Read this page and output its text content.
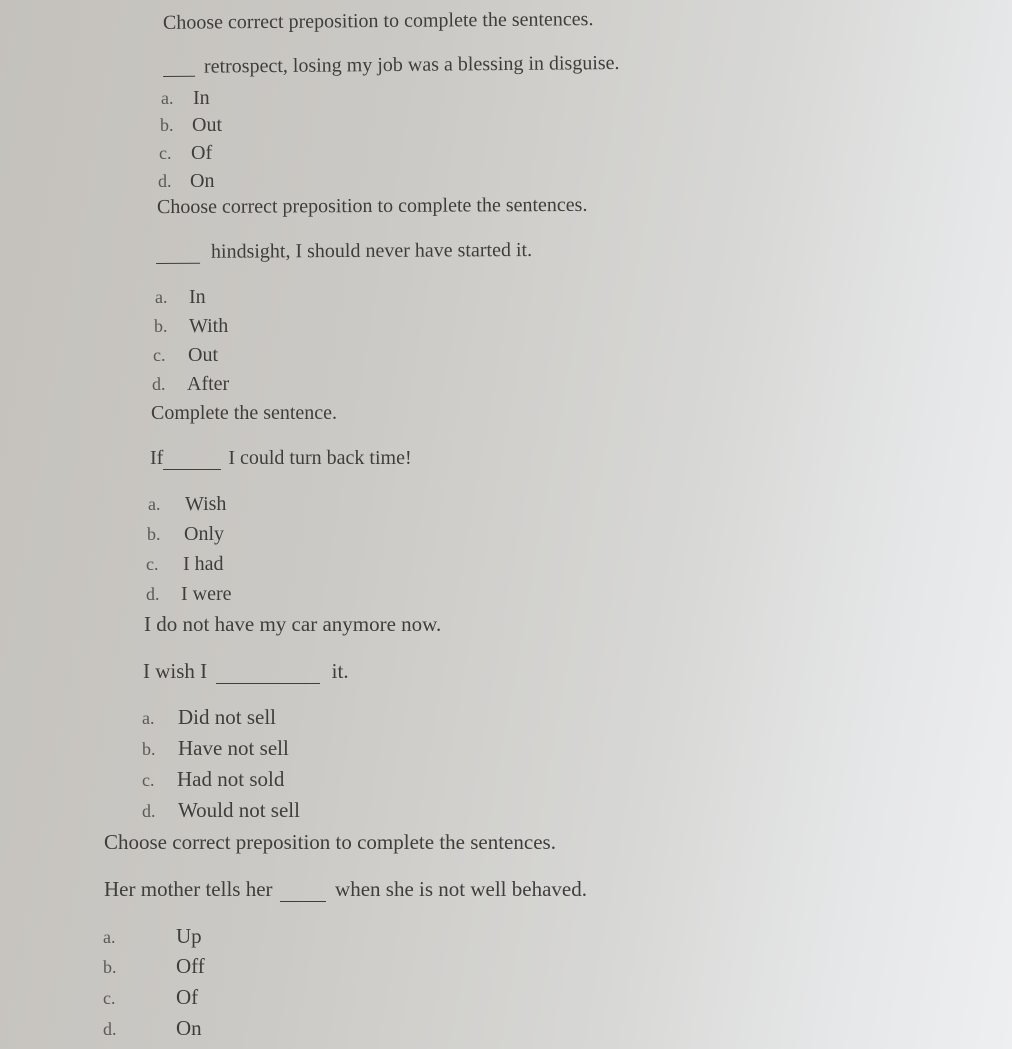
Choose correct preposition to complete the sentences.
retrospect, losing my job was a blessing in disguise.
a. In
b. Out
c. Of
d. On
Choose correct preposition to complete the sentences.
hindsight, I should never have started it.
a. In
b. With
c. Out
d. After
Complete the sentence.
If	I could turn back time!
a. Wish
b. Only
c. I had
d. I were
I do not have my car anymore now.
I wish I	it.
a. Did not sell
b. Have not sell
c. Had not sold
d. Would not sell
Choose correct preposition to complete the sentences.
Her mother tells her	when she is not well behaved.
a.	Up
b.	Off
c.	Of
d.	On
